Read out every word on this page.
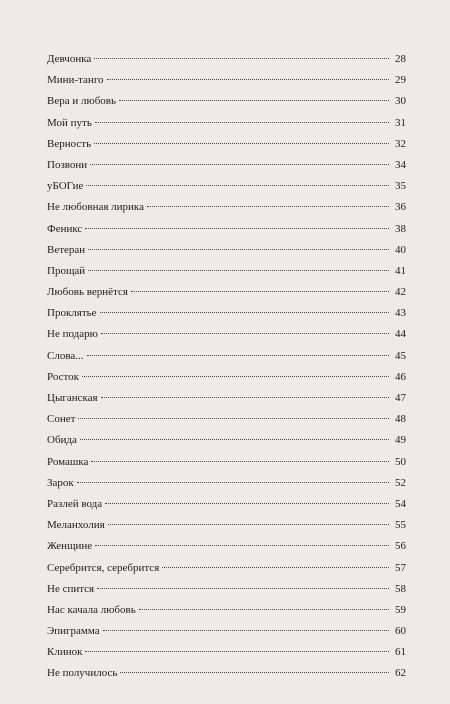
Девчонка	28
Мини-танго	29
Вера и любовь	30
Мой путь	31
Верность	32
Позвони	34
уБОГие	35
Не любовная лирика	36
Феникс	38
Ветеран	40
Прощай	41
Любовь вернётся	42
Проклятье	43
Не подарю	44
Слова...	45
Росток	46
Цыганская	47
Сонет	48
Обида	49
Ромашка	50
Зарок	52
Разлей вода	54
Меланхолия	55
Женщине	56
Серебрится, серебрится	57
Не спится	58
Нас качала любовь	59
Эпиграмма	60
Клинок	61
Не получилось	62
